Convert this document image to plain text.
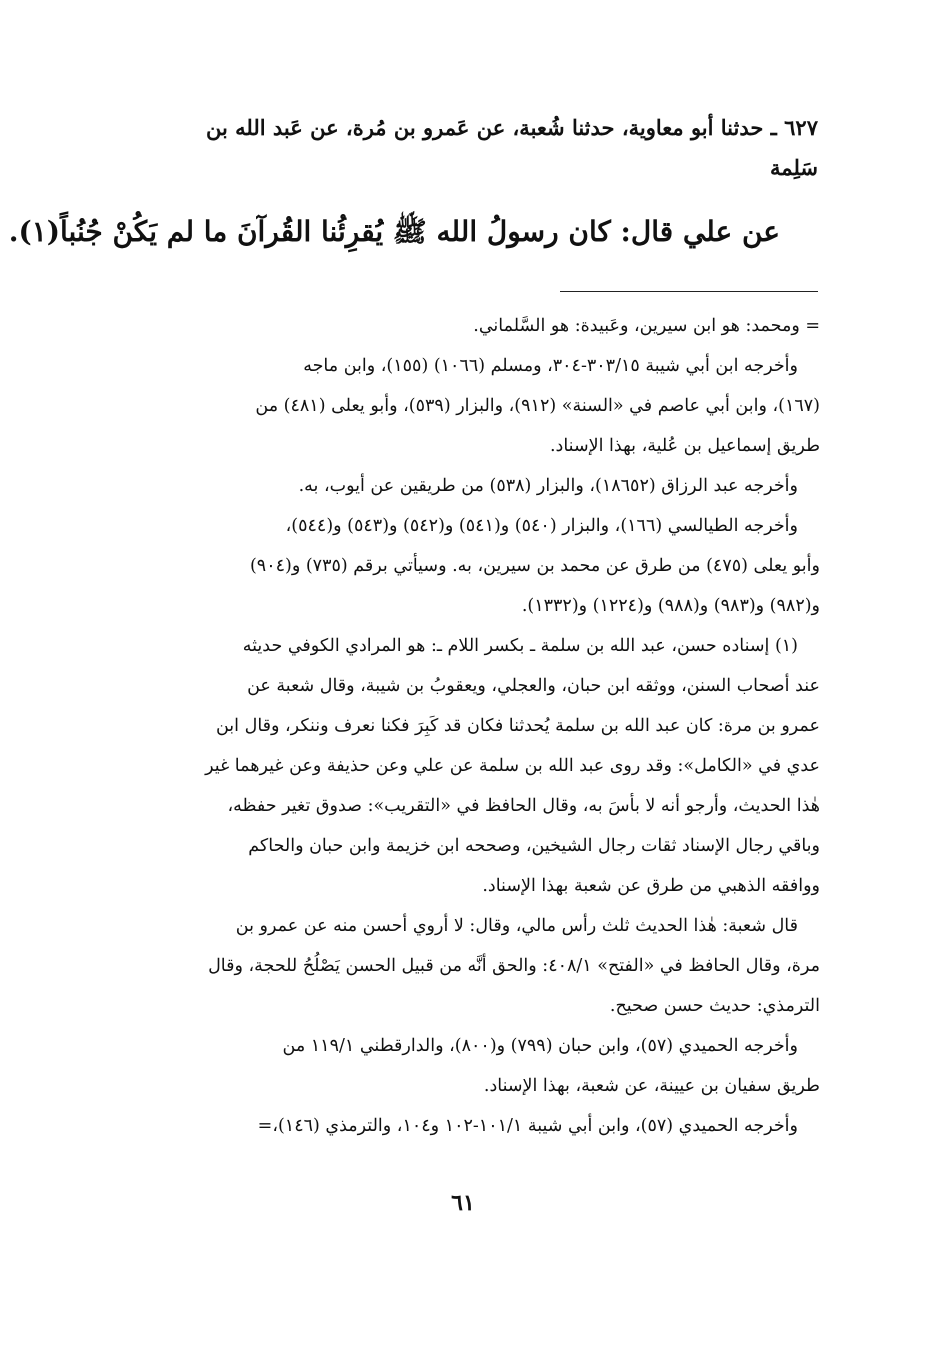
٦٢٧ ـ حدثنا أبو معاوية، حدثنا شُعبة، عن عَمرو بن مُرة، عن عَبد الله بن
سَلِمة
عن علي قال: كان رسولُ الله ﷺ يُقرِئُنا القُرآنَ ما لم يَكُنْ جُنُباً(١).
= ومحمد: هو ابن سيرين، وعَبيدة: هو السَّلماني.
وأخرجه ابن أبي شيبة ٣٠٣/١٥-٣٠٤، ومسلم (١٠٦٦) (١٥٥)، وابن ماجه
(١٦٧)، وابن أبي عاصم في «السنة» (٩١٢)، والبزار (٥٣٩)، وأبو يعلى (٤٨١) من
طريق إسماعيل بن عُلية، بهذا الإسناد.
وأخرجه عبد الرزاق (١٨٦٥٢)، والبزار (٥٣٨) من طريقين عن أيوب، به.
وأخرجه الطيالسي (١٦٦)، والبزار (٥٤٠) و(٥٤١) و(٥٤٢) و(٥٤٣) و(٥٤٤)،
وأبو يعلى (٤٧٥) من طرق عن محمد بن سيرين، به. وسيأتي برقم (٧٣٥) و(٩٠٤)
و(٩٨٢) و(٩٨٣) و(٩٨٨) و(١٢٢٤) و(١٣٣٢).
(١) إسناده حسن، عبد الله بن سلمة ـ بكسر اللام ـ: هو المرادي الكوفي حديثه
عند أصحاب السنن، ووثقه ابن حبان، والعجلي، ويعقوبُ بن شيبة، وقال شعبة عن
عمرو بن مرة: كان عبد الله بن سلمة يُحدثنا فكان قد كَبِرَ فكنا نعرف وننكر، وقال ابن
عدي في «الكامل»: وقد روى عبد الله بن سلمة عن علي وعن حذيفة وعن غيرهما غير
هٰذا الحديث، وأرجو أنه لا بأسَ به، وقال الحافظ في «التقريب»: صدوق تغير حفظه،
وباقي رجال الإسناد ثقات رجال الشيخين، وصححه ابن خزيمة وابن حبان والحاكم
ووافقه الذهبي من طرق عن شعبة بهذا الإسناد.
قال شعبة: هٰذا الحديث ثلث رأس مالي، وقال: لا أروي أحسن منه عن عمرو بن
مرة، وقال الحافظ في «الفتح» ٤٠٨/١: والحق أنَّه من قبيل الحسن يَصْلُحُ للحجة، وقال
الترمذي: حديث حسن صحيح.
وأخرجه الحميدي (٥٧)، وابن حبان (٧٩٩) و(٨٠٠)، والدارقطني ١١٩/١ من
طريق سفيان بن عيينة، عن شعبة، بهذا الإسناد.
وأخرجه الحميدي (٥٧)، وابن أبي شيبة ١٠١/١-١٠٢ و١٠٤، والترمذي (١٤٦)،=
٦١
